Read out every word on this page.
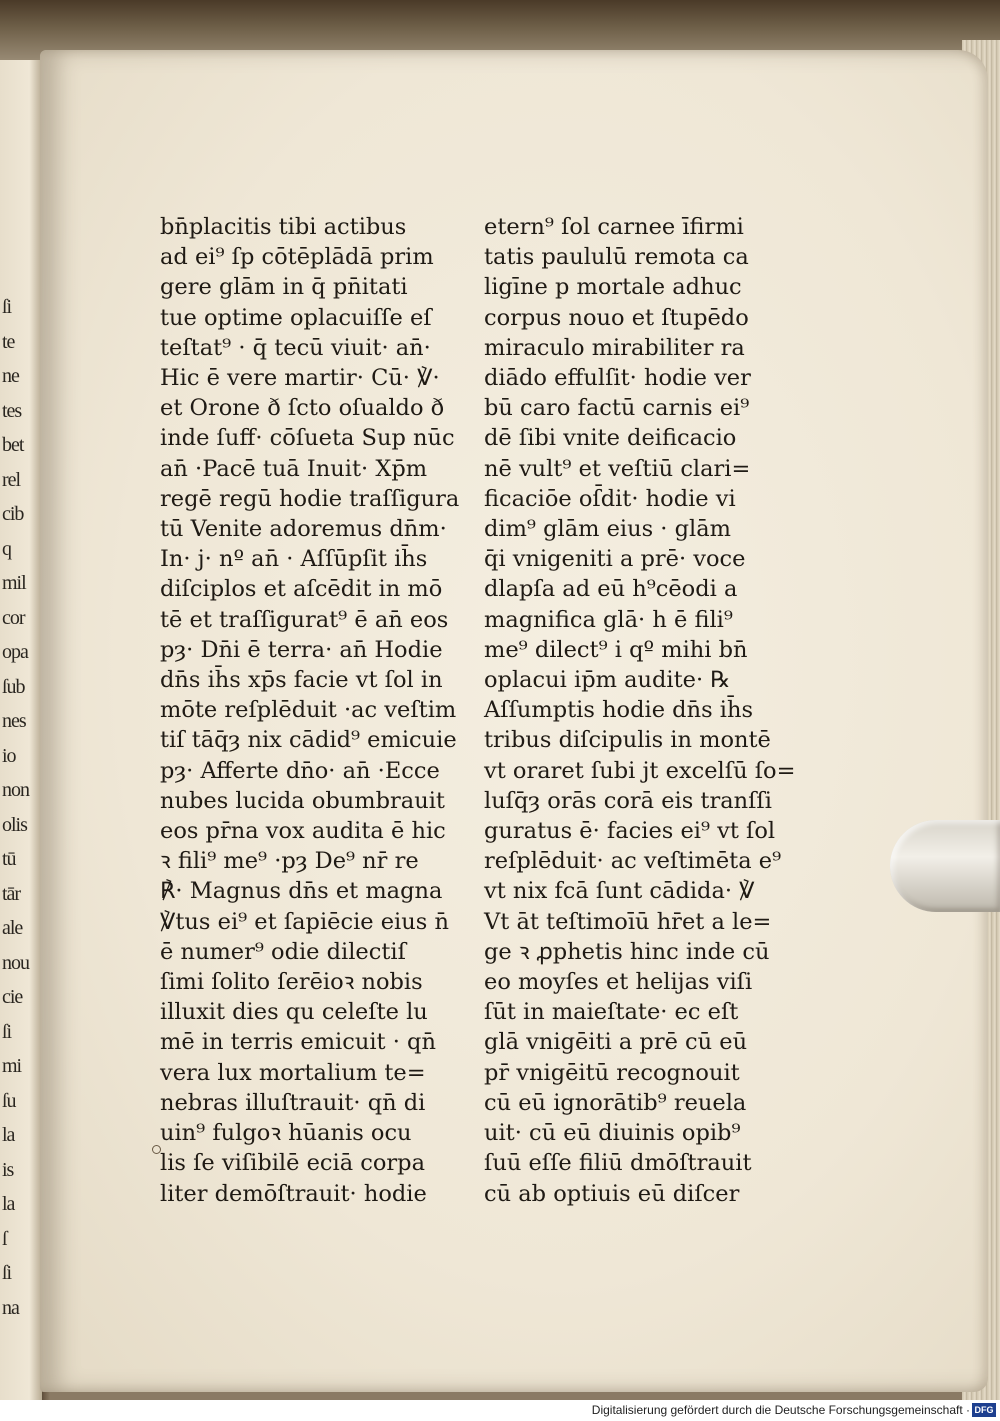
ſi
te
ne
tes
bet
rel
cib
q
mil
cor
opa
ſub
nes
io
non
olis
tū
tār
ale
nou
cie
ſi
mi
ſu
la
is
la
ſ
ſi
na
bn̄placitis tibi actibus
ad ei⁹ ſp cōtēplādā prim
gere glām in q̄ pn̄itati
tue optime oplacuiſſe eſ
teſtat⁹ · q̄ tecū viuit· an̄·
Hic ē vere martir· Cū· ℣·
et Orone ð ſcto oſualdo ð
inde ſuff· cōſueta Sup nūc
an̄ ·Pacē tuā Inuit· Xp̄m
regē regū hodie traſſigura
tū Venite adoremus dn̄m·
In· j· nº an̄ · Aſſūpſit ih̄s
diſciplos et aſcēdit in mō
tē et traſſigurat⁹ ē an̄ eos
pȝ· Dn̄i ē terra· an̄ Hodie
dn̄s ih̄s xp̄s facie vt ſol in
mōte reſplēduit ·ac veſtim
tiſ tāq̄ȝ nix cādid⁹ emicuie
pȝ· Afferte dn̄o· an̄ ·Ecce
nubes lucida obumbrauit
eos pr̄na vox audita ē hic
ꝛ fili⁹ me⁹ ·pȝ De⁹ nr̄ re
℟· Magnus dn̄s et magna
℣tus ei⁹ et ſapiēcie eius n̄
ē numer⁹ odie dilectiſ
ſimi ſolito ſerēioꝛ nobis
illuxit dies qu celeſte lu
mē in terris emicuit · qn̄
vera lux mortalium te=
nebras illuſtrauit· qn̄ di
uin⁹ fulgoꝛ hūanis ocu
lis ſe viſibilē eciā corpa
liter demōſtrauit· hodie
etern⁹ ſol carnee īfirmi
tatis paululū remota ca
ligīne p mortale adhuc
corpus nouo et ſtupēdo
miraculo mirabiliter ra
diādo effulſit· hodie ver
bū caro factū carnis ei⁹
dē ſibi vnite deificacio
nē vult⁹ et veſtiū clari=
ficaciōe oſ̄dit· hodie vi
dim⁹ glām eius · glām
q̄i vnigeniti a prē· voce
dlapſa ad eū h⁹cēodi a
magnifica glā· h ē fili⁹
me⁹ dilect⁹ i qº mihi bn̄
oplacui ip̄m audite· ℞
Aſſumptis hodie dn̄s ih̄s
tribus diſcipulis in montē
vt oraret ſubi jt excelſū ſo=
luſq̄ȝ orās corā eis tranſſi
guratus ē· facies ei⁹ vt ſol
reſplēduit· ac veſtimēta e⁹
vt nix fcā ſunt cādida· ℣
Vt āt teſtimoīū hr̄et a le=
ge ꝛ ꝓphetis hinc inde cū
eo moyſes et helijas viſi
ſūt in maieſtate· ec eſt
glā vnigēiti a prē cū eū
pr̄ vnigēitū recognouit
cū eū ignorātib⁹ reuela
uit· cū eū diuinis opib⁹
ſuū eſſe filiū dmōſtrauit
cū ab optiuis eū diſcer
Digitalisierung gefördert durch die Deutsche Forschungsgemeinschaft · DFG
